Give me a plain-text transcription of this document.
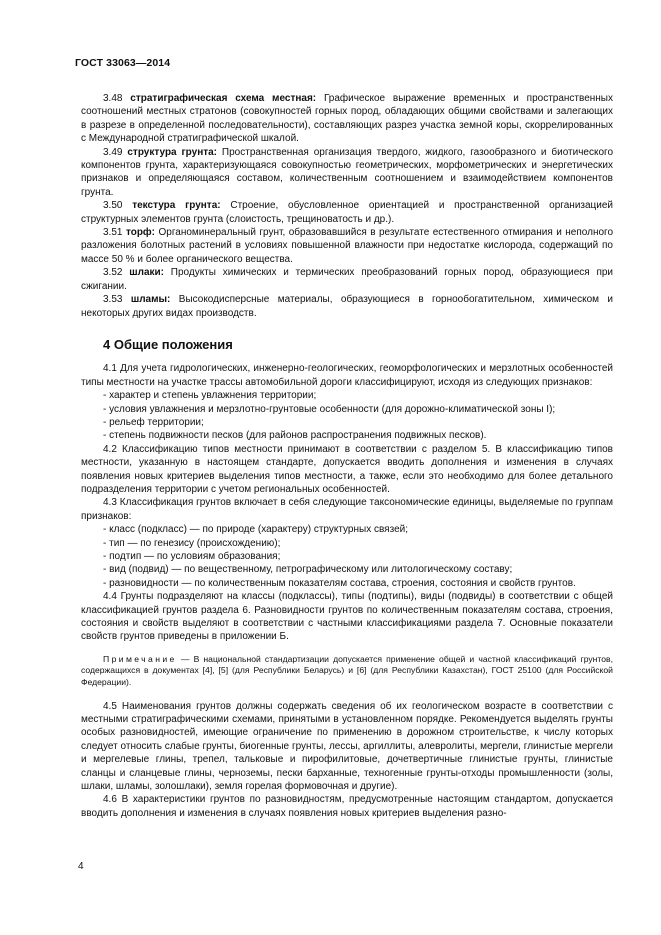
ГОСТ 33063—2014

3.48 стратиграфическая схема местная: Графическое выражение временных и пространственных соотношений местных стратонов (совокупностей горных пород, обладающих общими свойствами и залегающих в разрезе в определенной последовательности), составляющих разрез участка земной коры, скоррелированных с Международной стратиграфической шкалой.

3.49 структура грунта: Пространственная организация твердого, жидкого, газообразного и биотического компонентов грунта, характеризующаяся совокупностью геометрических, морфометрических и энергетических признаков и определяющаяся составом, количественным соотношением и взаимодействием компонентов грунта.

3.50 текстура грунта: Строение, обусловленное ориентацией и пространственной организацией структурных элементов грунта (слоистость, трещиноватость и др.).

3.51 торф: Органоминеральный грунт, образовавшийся в результате естественного отмирания и неполного разложения болотных растений в условиях повышенной влажности при недостатке кислорода, содержащий по массе 50 % и более органического вещества.

3.52 шлаки: Продукты химических и термических преобразований горных пород, образующиеся при сжигании.

3.53 шламы: Высокодисперсные материалы, образующиеся в горнообогатительном, химическом и некоторых других видах производств.

4 Общие положения

4.1 Для учета гидрологических, инженерно-геологических, геоморфологических и мерзлотных особенностей типы местности на участке трассы автомобильной дороги классифицируют, исходя из следующих признаков:

- характер и степень увлажнения территории;

- условия увлажнения и мерзлотно-грунтовые особенности (для дорожно-климатической зоны I);

- рельеф территории;

- степень подвижности песков (для районов распространения подвижных песков).

4.2 Классификацию типов местности принимают в соответствии с разделом 5. В классификацию типов местности, указанную в настоящем стандарте, допускается вводить дополнения и изменения в случаях появления новых критериев выделения типов местности, а также, если это необходимо для более детального подразделения территории с учетом региональных особенностей.

4.3 Классификация грунтов включает в себя следующие таксономические единицы, выделяемые по группам признаков:

- класс (подкласс) — по природе (характеру) структурных связей;

- тип — по генезису (происхождению);

- подтип — по условиям образования;

- вид (подвид) — по вещественному, петрографическому или литологическому составу;

- разновидности — по количественным показателям состава, строения, состояния и свойств грунтов.

4.4 Грунты подразделяют на классы (подклассы), типы (подтипы), виды (подвиды) в соответствии с общей классификацией грунтов раздела 6. Разновидности грунтов по количественным показателям состава, строения, состояния и свойств выделяют в соответствии с частными классификациями раздела 7. Основные показатели свойств грунтов приведены в приложении Б.

Примечание — В национальной стандартизации допускается применение общей и частной классификаций грунтов, содержащихся в документах [4], [5] (для Республики Беларусь) и [6] (для Республики Казахстан), ГОСТ 25100 (для Российской Федерации).

4.5 Наименования грунтов должны содержать сведения об их геологическом возрасте в соответствии с местными стратиграфическими схемами, принятыми в установленном порядке. Рекомендуется выделять грунты особых разновидностей, имеющие ограничение по применению в дорожном строительстве, к числу которых следует относить слабые грунты, биогенные грунты, лессы, аргиллиты, алевролиты, мергели, глинистые мергели и мергелевые глины, трепел, тальковые и пирофилитовые, дочетвертичные глинистые грунты, глинистые сланцы и сланцевые глины, черноземы, пески барханные, техногенные грунты-отходы промышленности (золы, шлаки, шламы, золошлаки), земля горелая формовочная и другие).

4.6 В характеристики грунтов по разновидностям, предусмотренные настоящим стандартом, допускается вводить дополнения и изменения в случаях появления новых критериев выделения разно-

4
